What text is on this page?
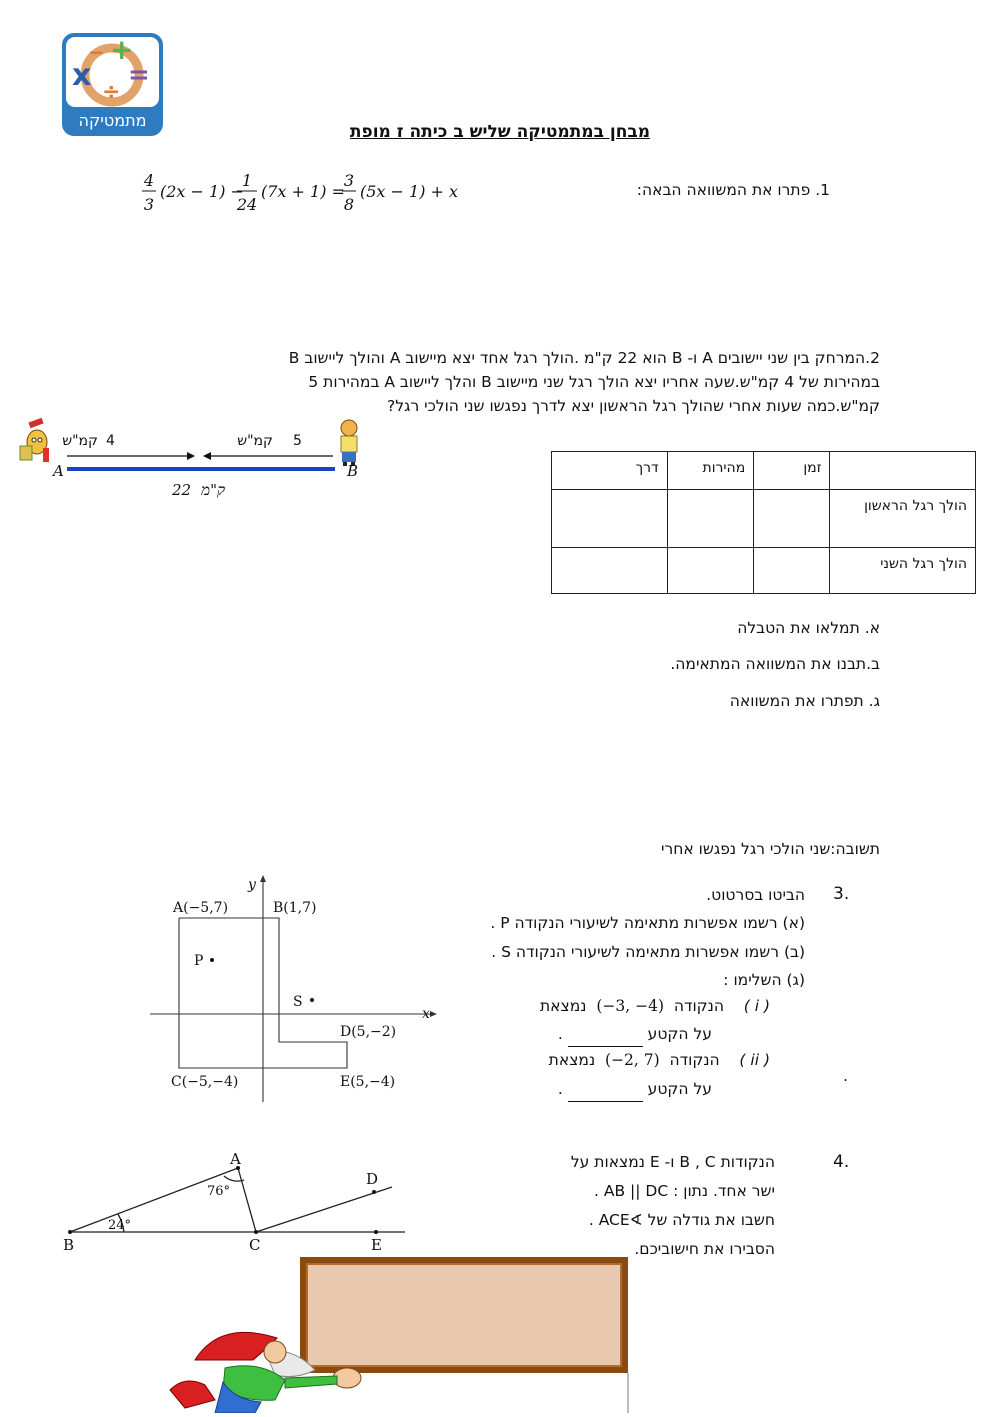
− +
x ÷
=
מתמטיקה
מבחן במתמטיקה שליש ב כיתה ז מופת
1. פתרו את המשוואה הבאה:
4
3
(2x − 1) −
1
24
(7x + 1) =
3
8
(5x − 1) + x
2.המרחק בין שני יישובים A ו- B הוא 22 ק"מ .הולך רגל אחד יצא מיישוב A והולך ליישוב B
במהירות של 4 קמ"ש.שעה אחריו יצא הולך רגל שני מיישוב B והלך ליישוב A במהירות 5
קמ"ש.כמה שעות אחרי שהולך רגל הראשון יצא לדרך נפגשו שני הולכי רגל?
A	B
4
קמ"ש	5
קמ"ש
22 ק"מ
	זמן	מהירות	דרך
הולך רגל הראשון			
הולך רגל השני			
א. תמלאו את הטבלה
ב.תבנו את המשוואה המתאימה.
ג. תפתרו את המשוואה
תשובה:שני הולכי רגל נפגשו אחרי
A(−5,7)	B(1,7)
C(−5,−4)
D(5,−2)
E(5,−4)
P
S
x
y	3.
הביטו בסרטוט.
(א) רשמו אפשרות מתאימה לשיעורי הנקודה P .
(ב) רשמו אפשרות מתאימה לשיעורי הנקודה S .
(ג) השלימו :
( i )    הנקודה  (−3, −4)  נמצאת
על הקטע   .
( ii )    הנקודה  (−2, 7)  נמצאת
על הקטע   .
.
A
B	C
D
E
76°
24°
4.
הנקודות B , C ו- E נמצאות על
ישר אחד. נתון : AB || DC .
חשבו את גודלה של ∢ACE .
הסבירו את חישוביכם.
